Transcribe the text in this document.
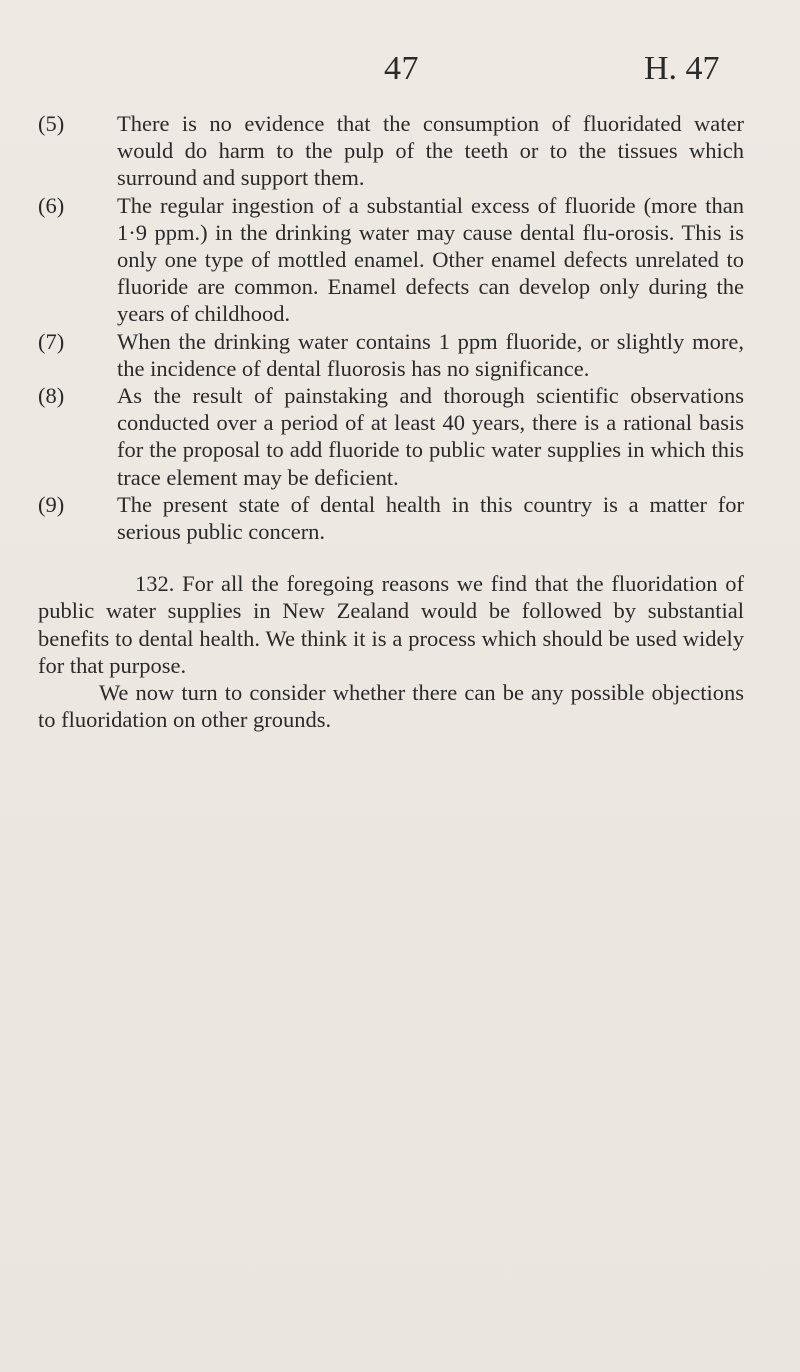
47	H. 47

(5) There is no evidence that the consumption of fluoridated water would do harm to the pulp of the teeth or to the tissues which surround and support them.

(6) The regular ingestion of a substantial excess of fluoride (more than 1·9 ppm.) in the drinking water may cause dental flu-orosis. This is only one type of mottled enamel. Other enamel defects unrelated to fluoride are common. Enamel defects can develop only during the years of childhood.

(7) When the drinking water contains 1 ppm fluoride, or slightly more, the incidence of dental fluorosis has no significance.

(8) As the result of painstaking and thorough scientific observations conducted over a period of at least 40 years, there is a rational basis for the proposal to add fluoride to public water supplies in which this trace element may be deficient.

(9) The present state of dental health in this country is a matter for serious public concern.

132. For all the foregoing reasons we find that the fluoridation of public water supplies in New Zealand would be followed by substantial benefits to dental health. We think it is a process which should be used widely for that purpose.

We now turn to consider whether there can be any possible objections to fluoridation on other grounds.
